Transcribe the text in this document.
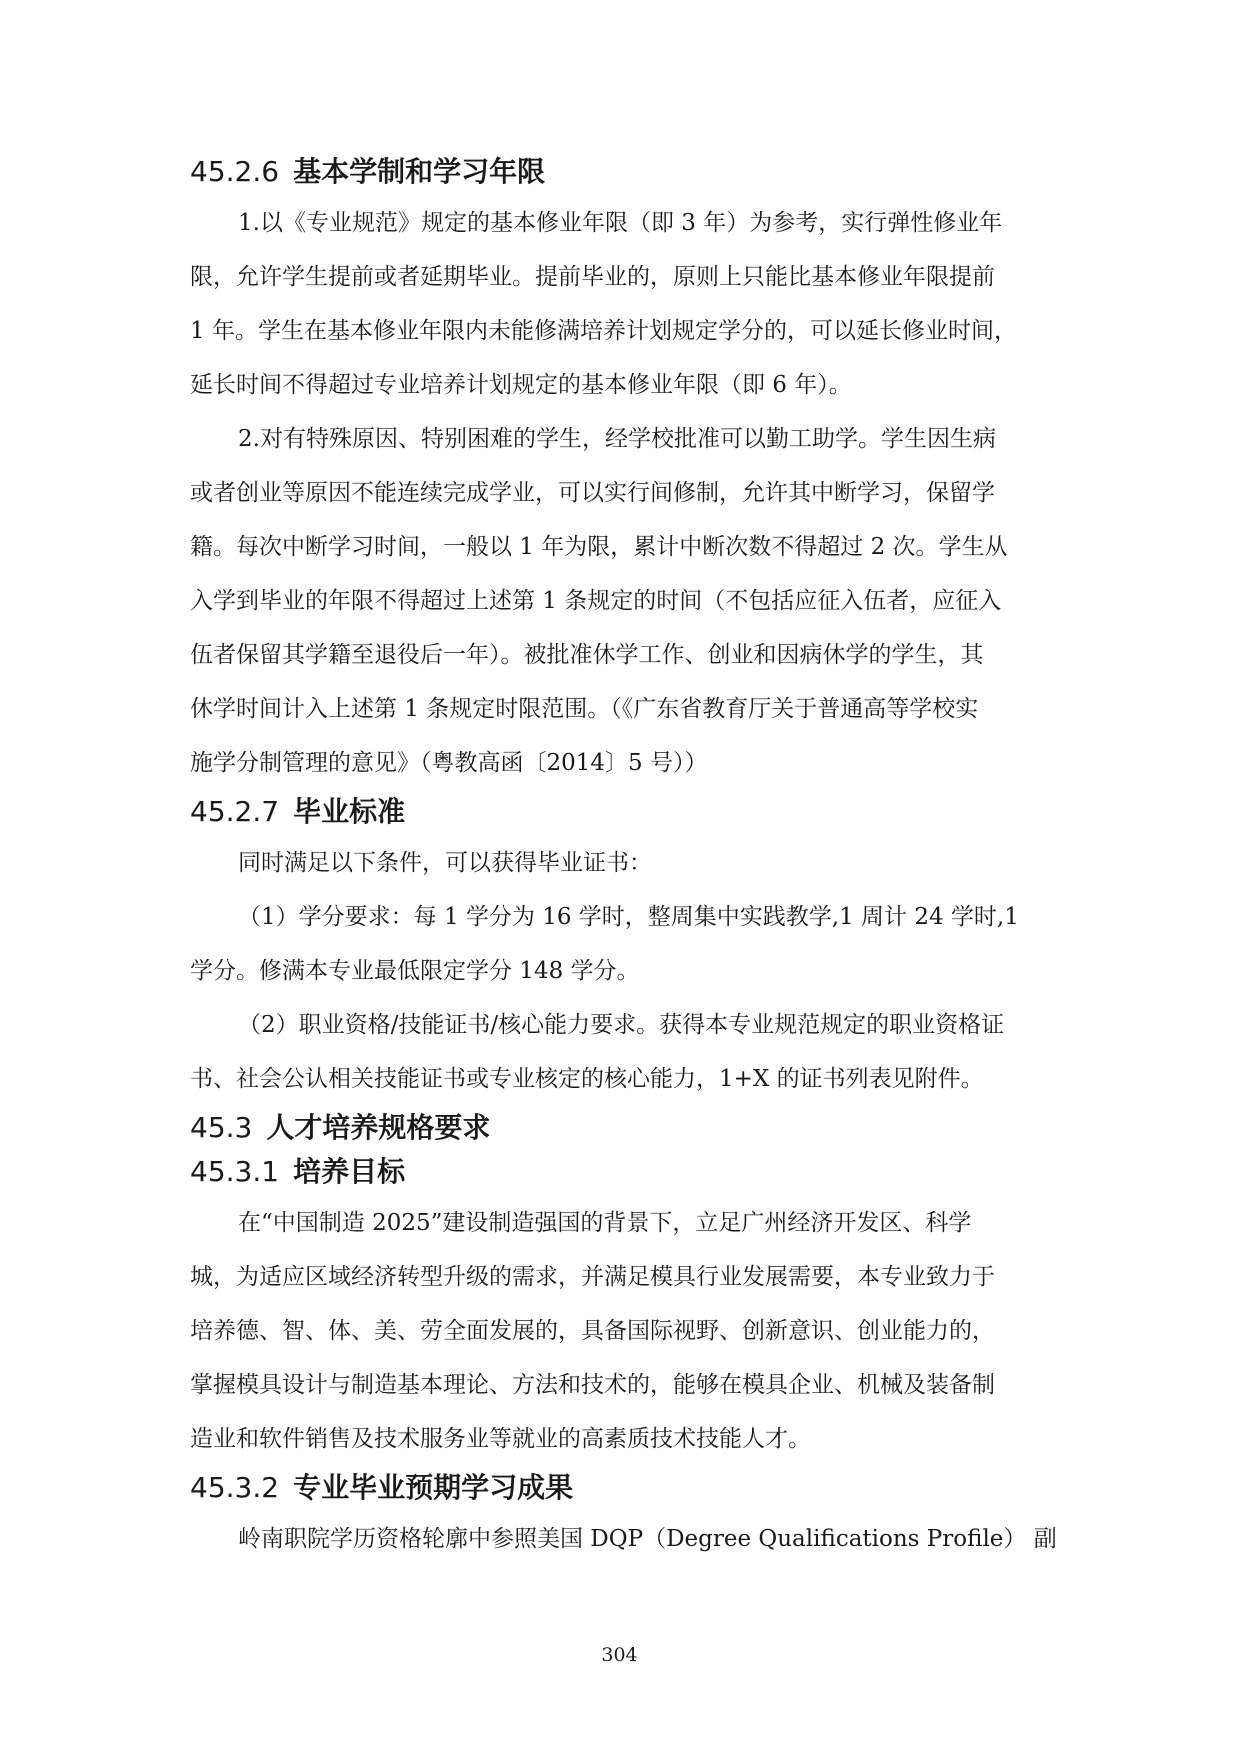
45.2.6 基本学制和学习年限

1.以《专业规范》规定的基本修业年限（即 3 年）为参考，实行弹性修业年
限，允许学生提前或者延期毕业。提前毕业的，原则上只能比基本修业年限提前
1 年。学生在基本修业年限内未能修满培养计划规定学分的，可以延长修业时间，
延长时间不得超过专业培养计划规定的基本修业年限（即 6 年）。

2.对有特殊原因、特别困难的学生，经学校批准可以勤工助学。学生因生病
或者创业等原因不能连续完成学业，可以实行间修制，允许其中断学习，保留学
籍。每次中断学习时间，一般以 1 年为限，累计中断次数不得超过 2 次。学生从
入学到毕业的年限不得超过上述第 1 条规定的时间（不包括应征入伍者，应征入
伍者保留其学籍至退役后一年）。被批准休学工作、创业和因病休学的学生，其
休学时间计入上述第 1 条规定时限范围。（《广东省教育厅关于普通高等学校实
施学分制管理的意见》（粤教高函〔2014〕5 号））

45.2.7 毕业标准

同时满足以下条件，可以获得毕业证书：

（1）学分要求：每 1 学分为 16 学时，整周集中实践教学,1 周计 24 学时,1
学分。修满本专业最低限定学分 148 学分。

（2）职业资格/技能证书/核心能力要求。获得本专业规范规定的职业资格证
书、社会公认相关技能证书或专业核定的核心能力，1+X 的证书列表见附件。

45.3 人才培养规格要求
45.3.1 培养目标

在“中国制造 2025”建设制造强国的背景下，立足广州经济开发区、科学
城，为适应区域经济转型升级的需求，并满足模具行业发展需要，本专业致力于
培养德、智、体、美、劳全面发展的，具备国际视野、创新意识、创业能力的，
掌握模具设计与制造基本理论、方法和技术的，能够在模具企业、机械及装备制
造业和软件销售及技术服务业等就业的高素质技术技能人才。

45.3.2 专业毕业预期学习成果

岭南职院学历资格轮廓中参照美国 DQP（Degree Qualifications Profile） 副

304
